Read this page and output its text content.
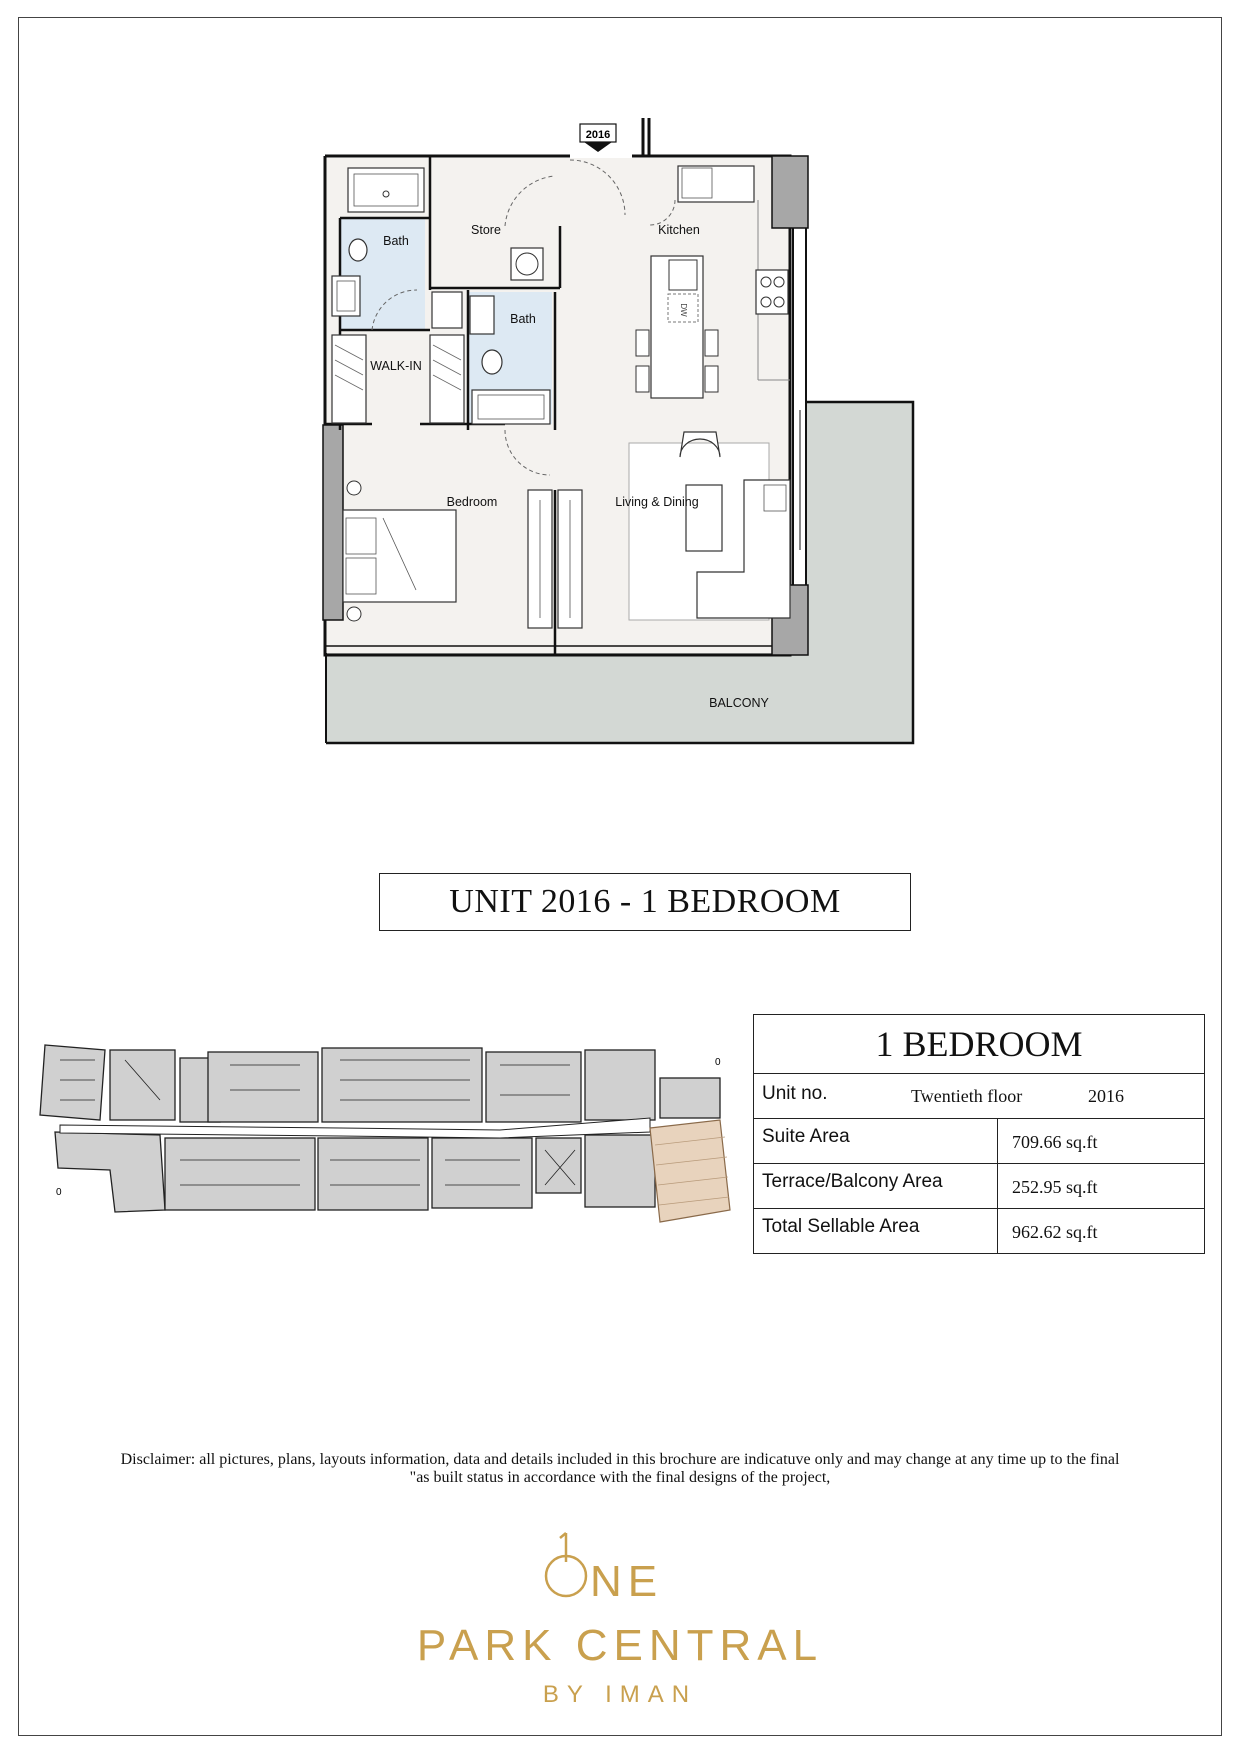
2016
DW
Bath
Store	Kitchen
Bath
WALK-IN
Bedroom	Living & Dining
BALCONY
UNIT 2016 - 1 BEDROOM
0
0	1 BEDROOM
Unit no.	Twentieth floor	2016
Suite Area	709.66 sq.ft
Terrace/Balcony Area	252.95 sq.ft
Total Sellable Area	962.62 sq.ft
Disclaimer: all pictures, plans, layouts information, data and details included in this brochure are indicatuve only and may change at any time up to the final
"as built status in accordance with the final designs of the project,
NE
PARK CENTRAL
BY IMAN
